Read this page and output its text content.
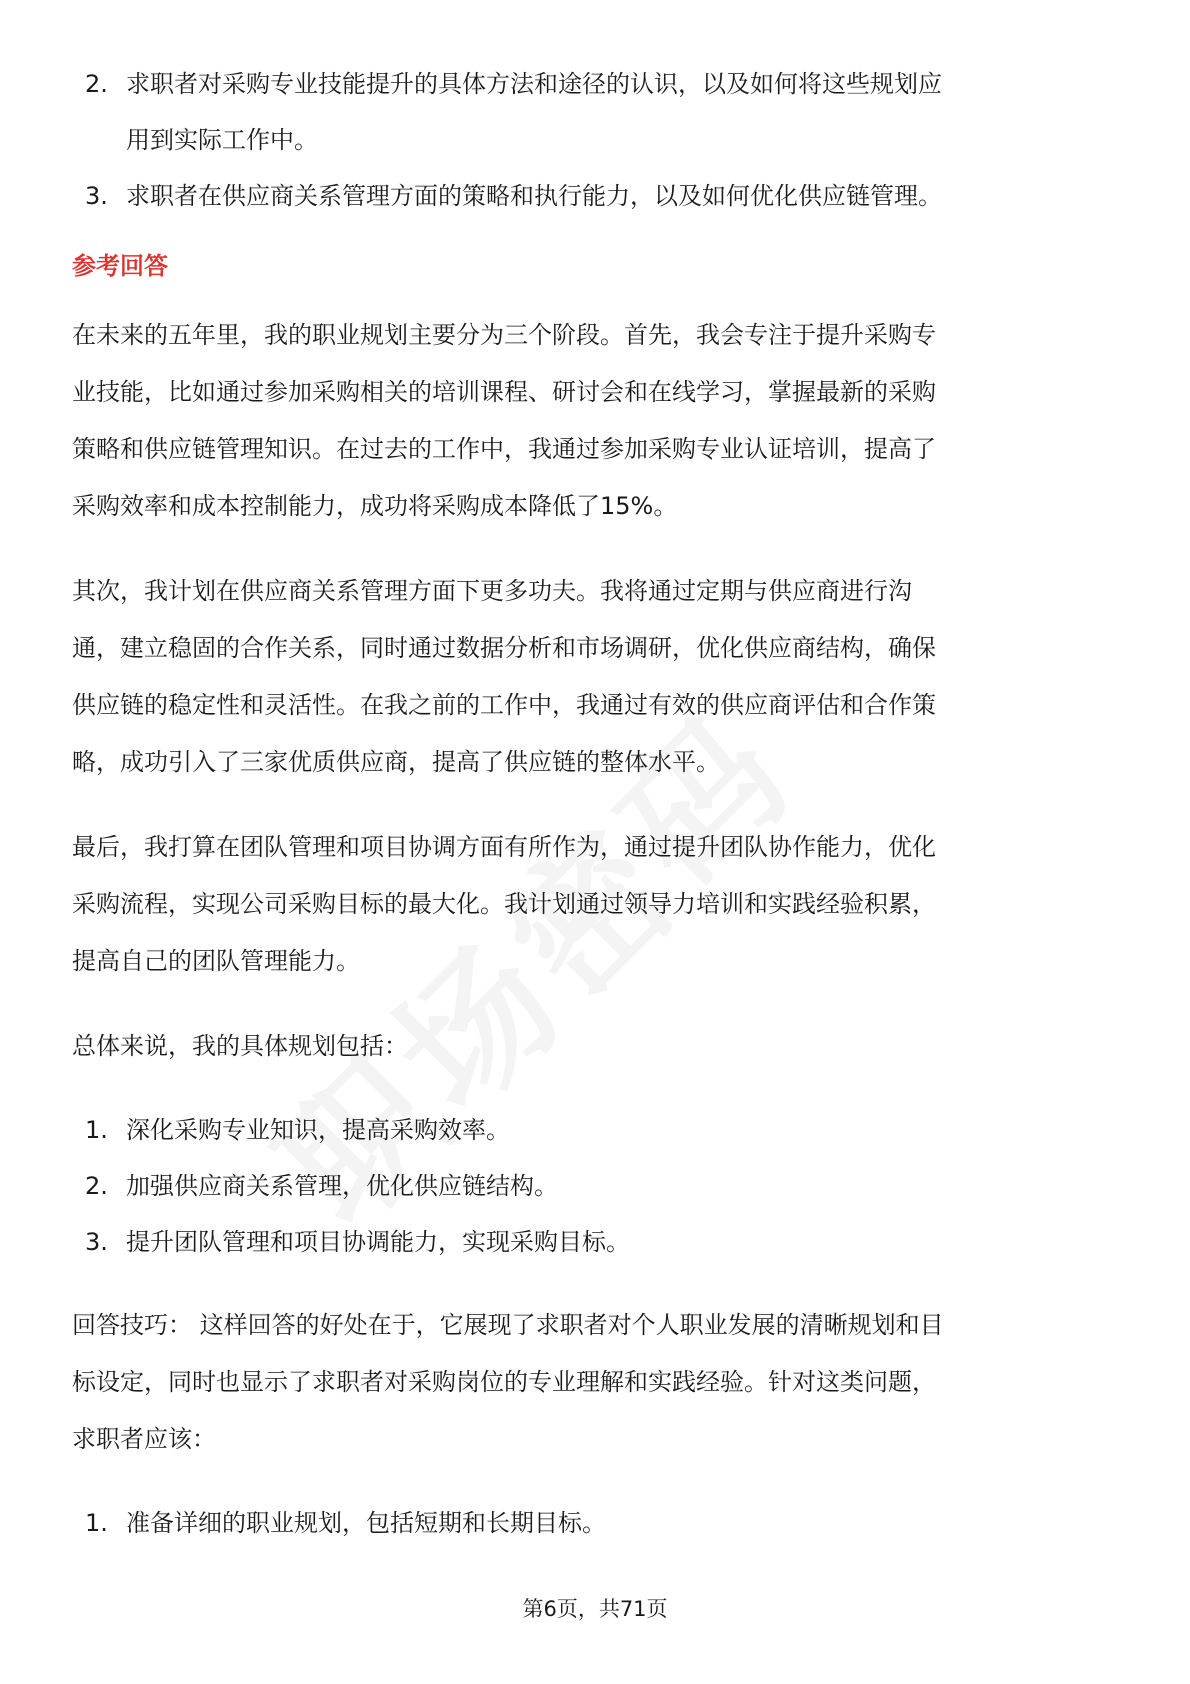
2. 求职者对采购专业技能提升的具体方法和途径的认识，以及如何将这些规划应
用到实际工作中。
3. 求职者在供应商关系管理方面的策略和执行能力，以及如何优化供应链管理。
参考回答

在未来的五年里，我的职业规划主要分为三个阶段。首先，我会专注于提升采购专
业技能，比如通过参加采购相关的培训课程、研讨会和在线学习，掌握最新的采购
策略和供应链管理知识。在过去的工作中，我通过参加采购专业认证培训，提高了
采购效率和成本控制能力，成功将采购成本降低了15%。

其次，我计划在供应商关系管理方面下更多功夫。我将通过定期与供应商进行沟
通，建立稳固的合作关系，同时通过数据分析和市场调研，优化供应商结构，确保
供应链的稳定性和灵活性。在我之前的工作中，我通过有效的供应商评估和合作策
略，成功引入了三家优质供应商，提高了供应链的整体水平。

最后，我打算在团队管理和项目协调方面有所作为，通过提升团队协作能力，优化
采购流程，实现公司采购目标的最大化。我计划通过领导力培训和实践经验积累，
提高自己的团队管理能力。

总体来说，我的具体规划包括：

1. 深化采购专业知识，提高采购效率。
2. 加强供应商关系管理，优化供应链结构。
3. 提升团队管理和项目协调能力，实现采购目标。

回答技巧： 这样回答的好处在于，它展现了求职者对个人职业发展的清晰规划和目
标设定，同时也显示了求职者对采购岗位的专业理解和实践经验。针对这类问题，
求职者应该：

1. 准备详细的职业规划，包括短期和长期目标。
第6页，共71页
